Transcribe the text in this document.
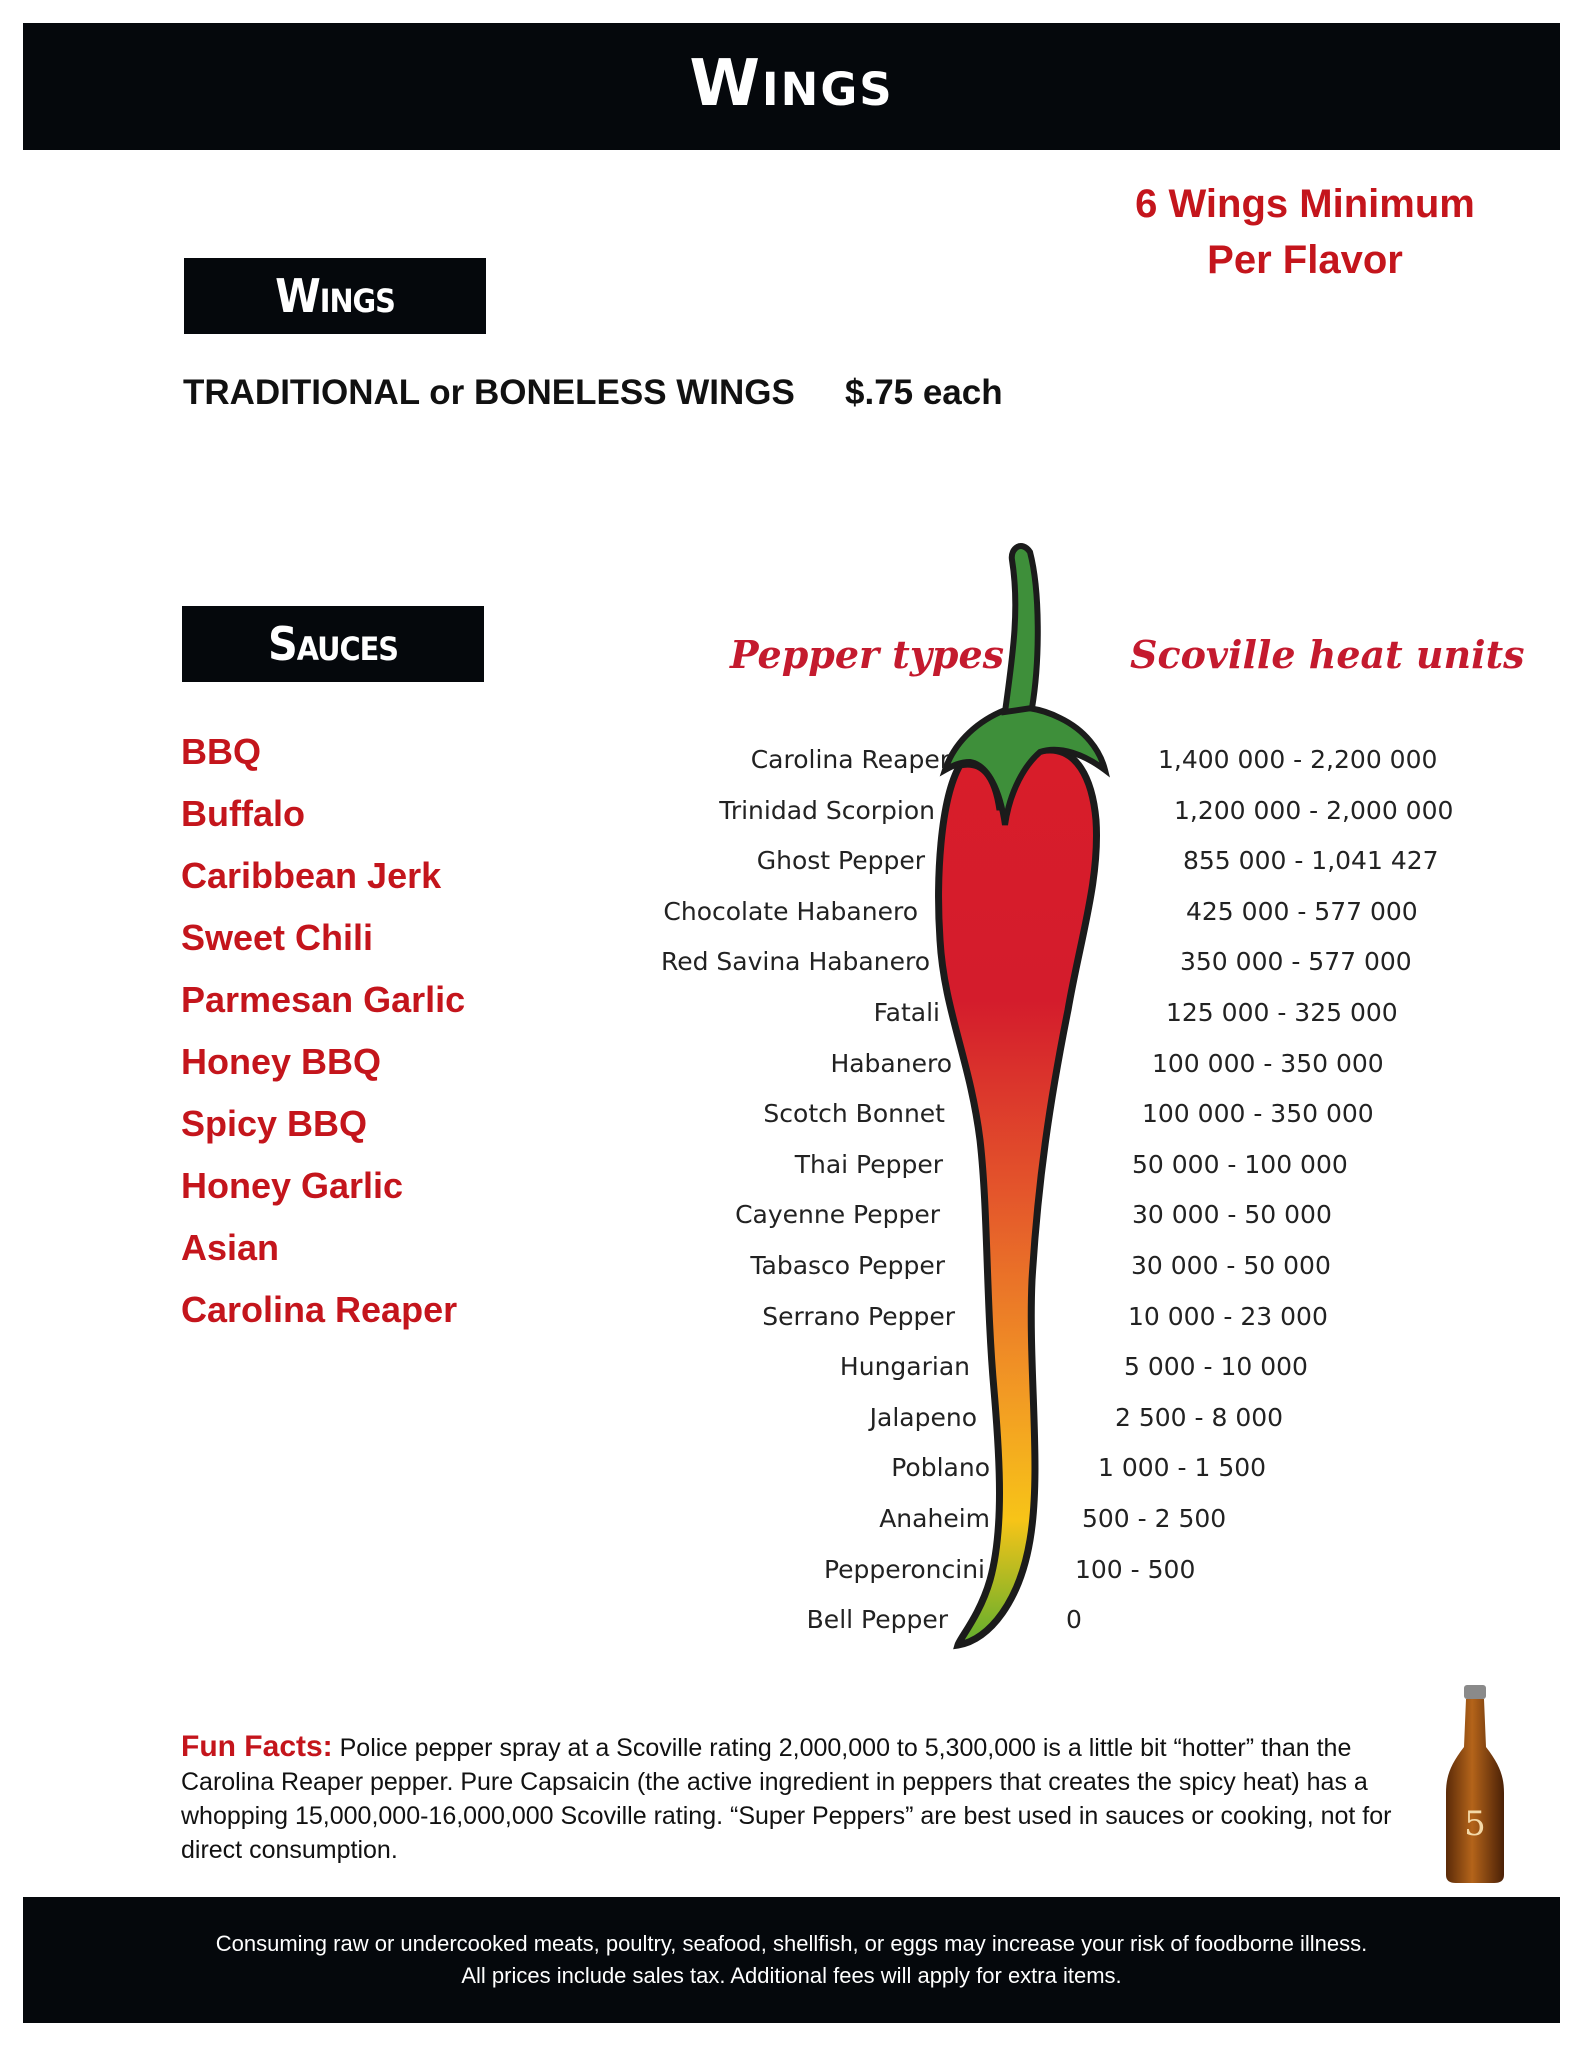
Wings
6 Wings Minimum
Per Flavor
Wings
TRADITIONAL or BONELESS WINGS $.75 each
Sauces
BBQ
Buffalo
Caribbean Jerk
Sweet Chili
Parmesan Garlic
Honey BBQ
Spicy BBQ
Honey Garlic
Asian
Carolina Reaper
Pepper types	Scoville heat units
Carolina Reaper	1,400 000 - 2,200 000
Trinidad Scorpion	1,200 000 - 2,000 000
Ghost Pepper	855 000 - 1,041 427
Chocolate Habanero	425 000 - 577 000
Red Savina Habanero	350 000 - 577 000
Fatali	125 000 - 325 000
Habanero	100 000 - 350 000
Scotch Bonnet	100 000 - 350 000
Thai Pepper	50 000 - 100 000
Cayenne Pepper	30 000 - 50 000
Tabasco Pepper	30 000 - 50 000
Serrano Pepper	10 000 - 23 000
Hungarian	5 000 - 10 000
Jalapeno	2 500 - 8 000
Poblano	1 000 - 1 500
Anaheim	500 - 2 500
Pepperoncini	100 - 500
Bell Pepper	0
Fun Facts: Police pepper spray at a Scoville rating 2,000,000 to 5,300,000 is a little bit “hotter” than the Carolina Reaper pepper. Pure Capsaicin (the active ingredient in peppers that creates the spicy heat) has a whopping 15,000,000-16,000,000 Scoville rating. “Super Peppers” are best used in sauces or cooking, not for direct consumption.
5
Consuming raw or undercooked meats, poultry, seafood, shellfish, or eggs may increase your risk of foodborne illness.
All prices include sales tax. Additional fees will apply for extra items.
